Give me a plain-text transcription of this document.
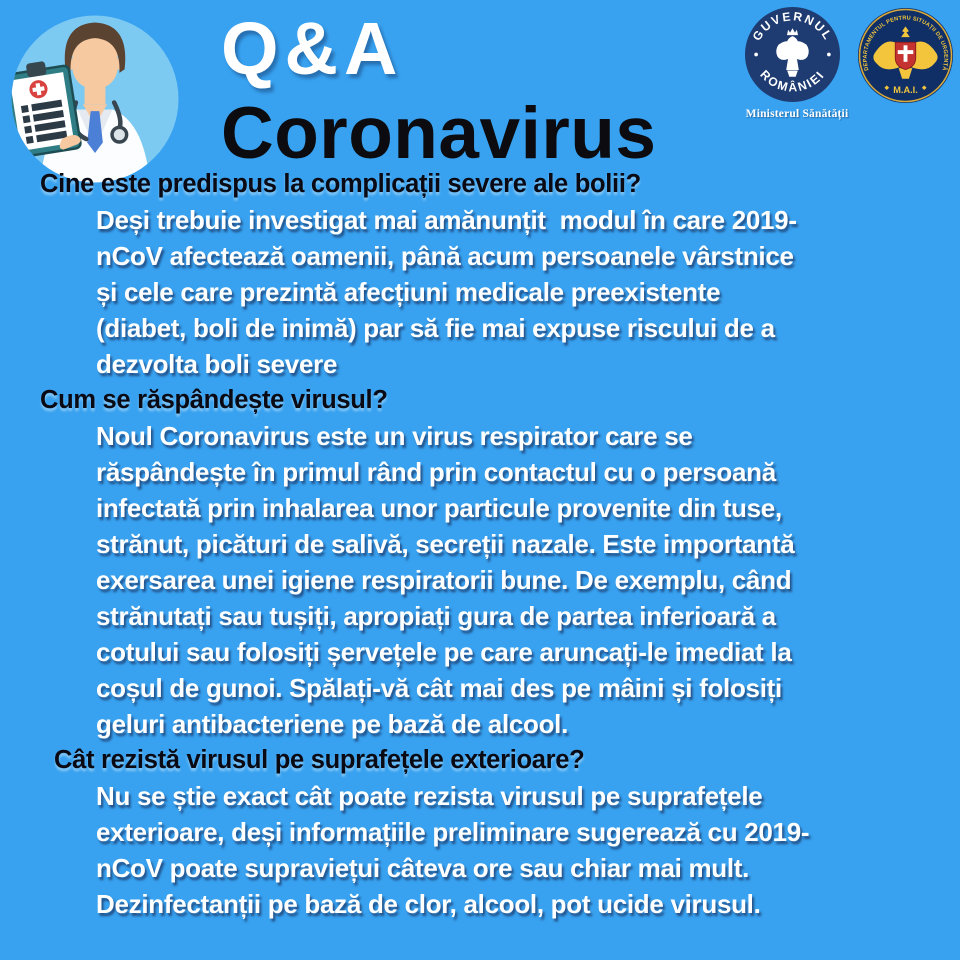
Q&A
Coronavirus
GUVERNUL
ROMÂNIEI
Ministerul Sănătății
DEPARTAMENTUL PENTRU SITUAȚII DE URGENȚĂ
M.A.I.
Cine este predispus la complicații severe ale bolii?
Deși trebuie investigat mai amănunțit  modul în care 2019-
nCoV afectează oamenii, până acum persoanele vârstnice
și cele care prezintă afecțiuni medicale preexistente
(diabet, boli de inimă) par să fie mai expuse riscului de a
dezvolta boli severe
Cum se răspândește virusul?
Noul Coronavirus este un virus respirator care se
răspândește în primul rând prin contactul cu o persoană
infectată prin inhalarea unor particule provenite din tuse,
strănut, picături de salivă, secreții nazale. Este importantă
exersarea unei igiene respiratorii bune. De exemplu, când
strănutați sau tușiți, apropiați gura de partea inferioară a
cotului sau folosiți șervețele pe care aruncați-le imediat la
coșul de gunoi. Spălați-vă cât mai des pe mâini și folosiți
geluri antibacteriene pe bază de alcool.
Cât rezistă virusul pe suprafețele exterioare?
Nu se știe exact cât poate rezista virusul pe suprafețele
exterioare, deși informațiile preliminare sugerează cu 2019-
nCoV poate supraviețui câteva ore sau chiar mai mult.
Dezinfectanții pe bază de clor, alcool, pot ucide virusul.
